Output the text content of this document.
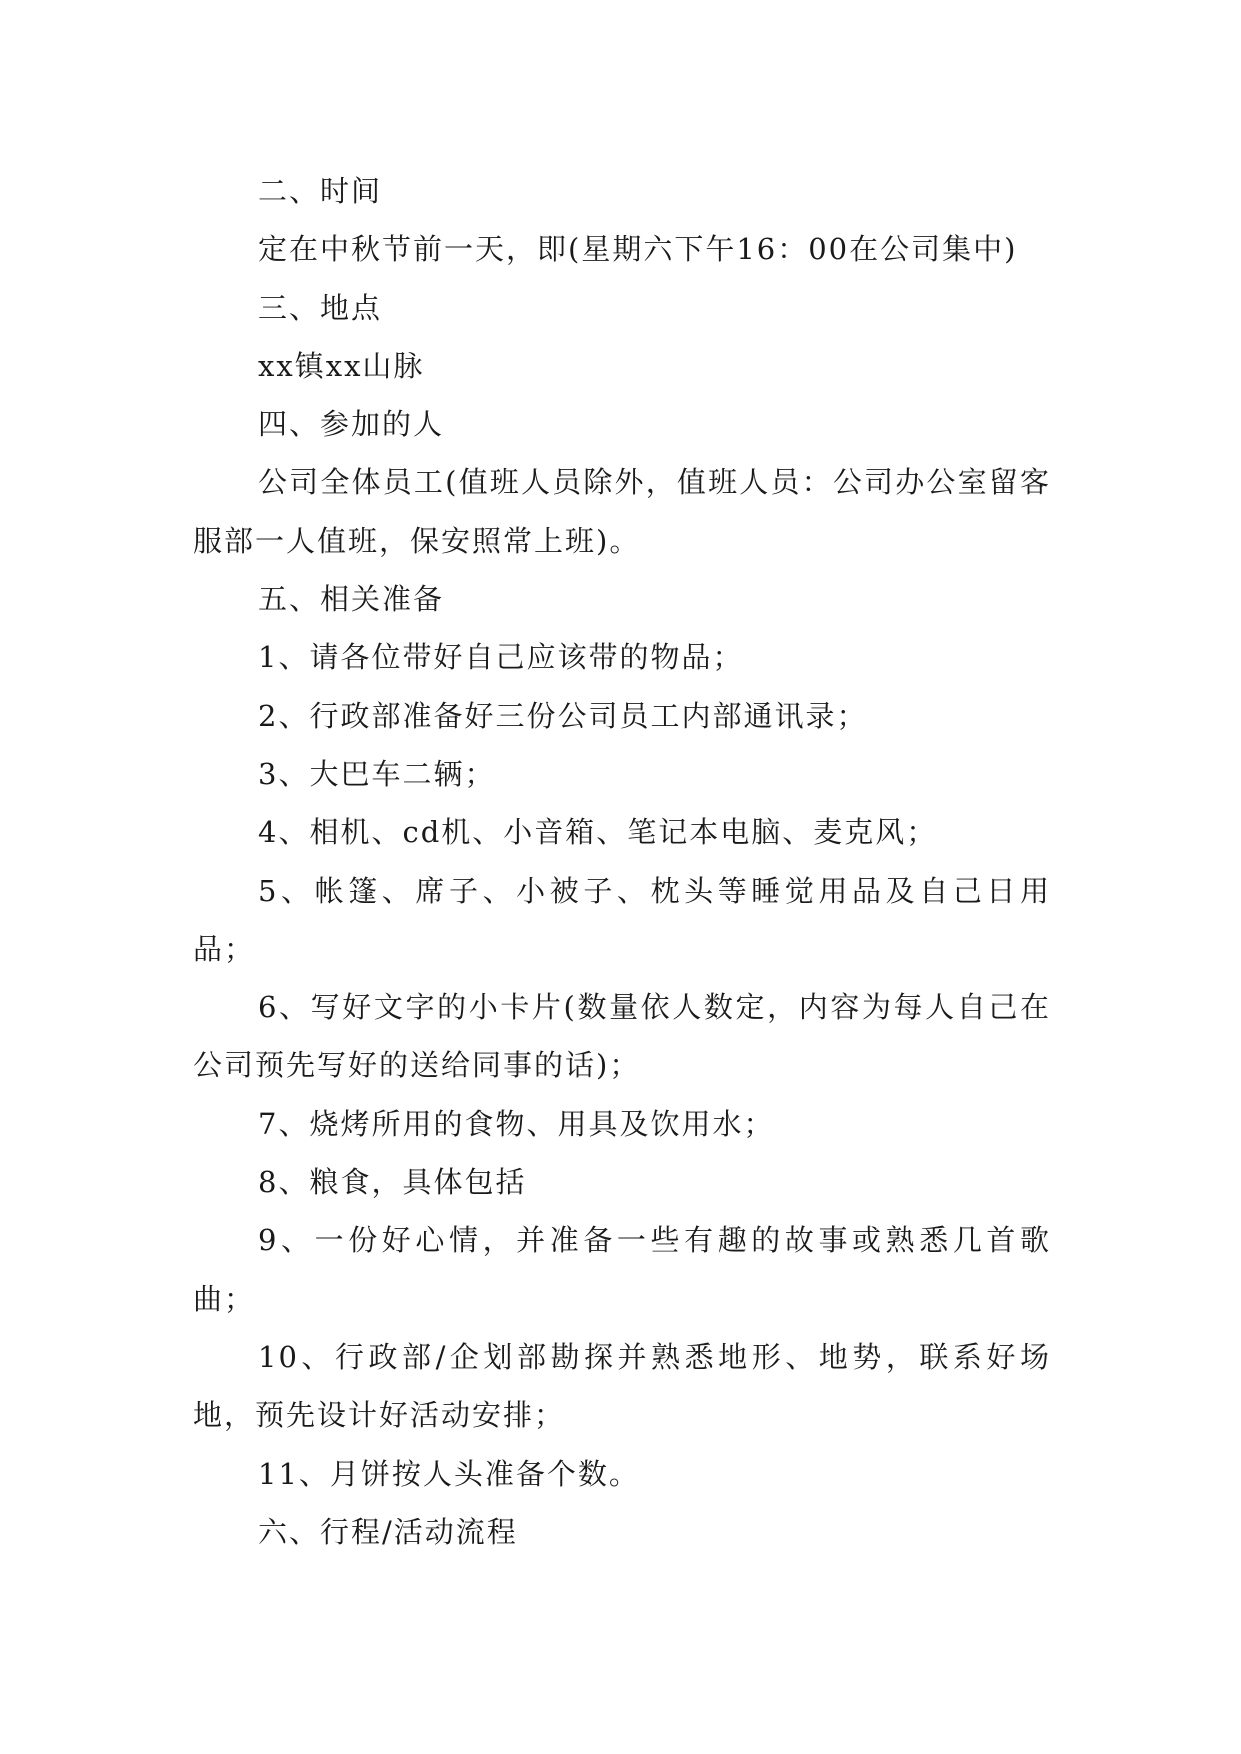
二、时间

定在中秋节前一天，即(星期六下午16：00在公司集中)

三、地点

xx镇xx山脉

四、参加的人

公司全体员工(值班人员除外，值班人员：公司办公室留客服部一人值班，保安照常上班)。

五、相关准备

1、请各位带好自己应该带的物品；

2、行政部准备好三份公司员工内部通讯录；

3、大巴车二辆；

4、相机、cd机、小音箱、笔记本电脑、麦克风；

5、帐篷、席子、小被子、枕头等睡觉用品及自己日用品；

6、写好文字的小卡片(数量依人数定，内容为每人自己在公司预先写好的送给同事的话)；

7、烧烤所用的食物、用具及饮用水；

8、粮食，具体包括

9、一份好心情，并准备一些有趣的故事或熟悉几首歌曲；

10、行政部/企划部勘探并熟悉地形、地势，联系好场地，预先设计好活动安排；

11、月饼按人头准备个数。

六、行程/活动流程
